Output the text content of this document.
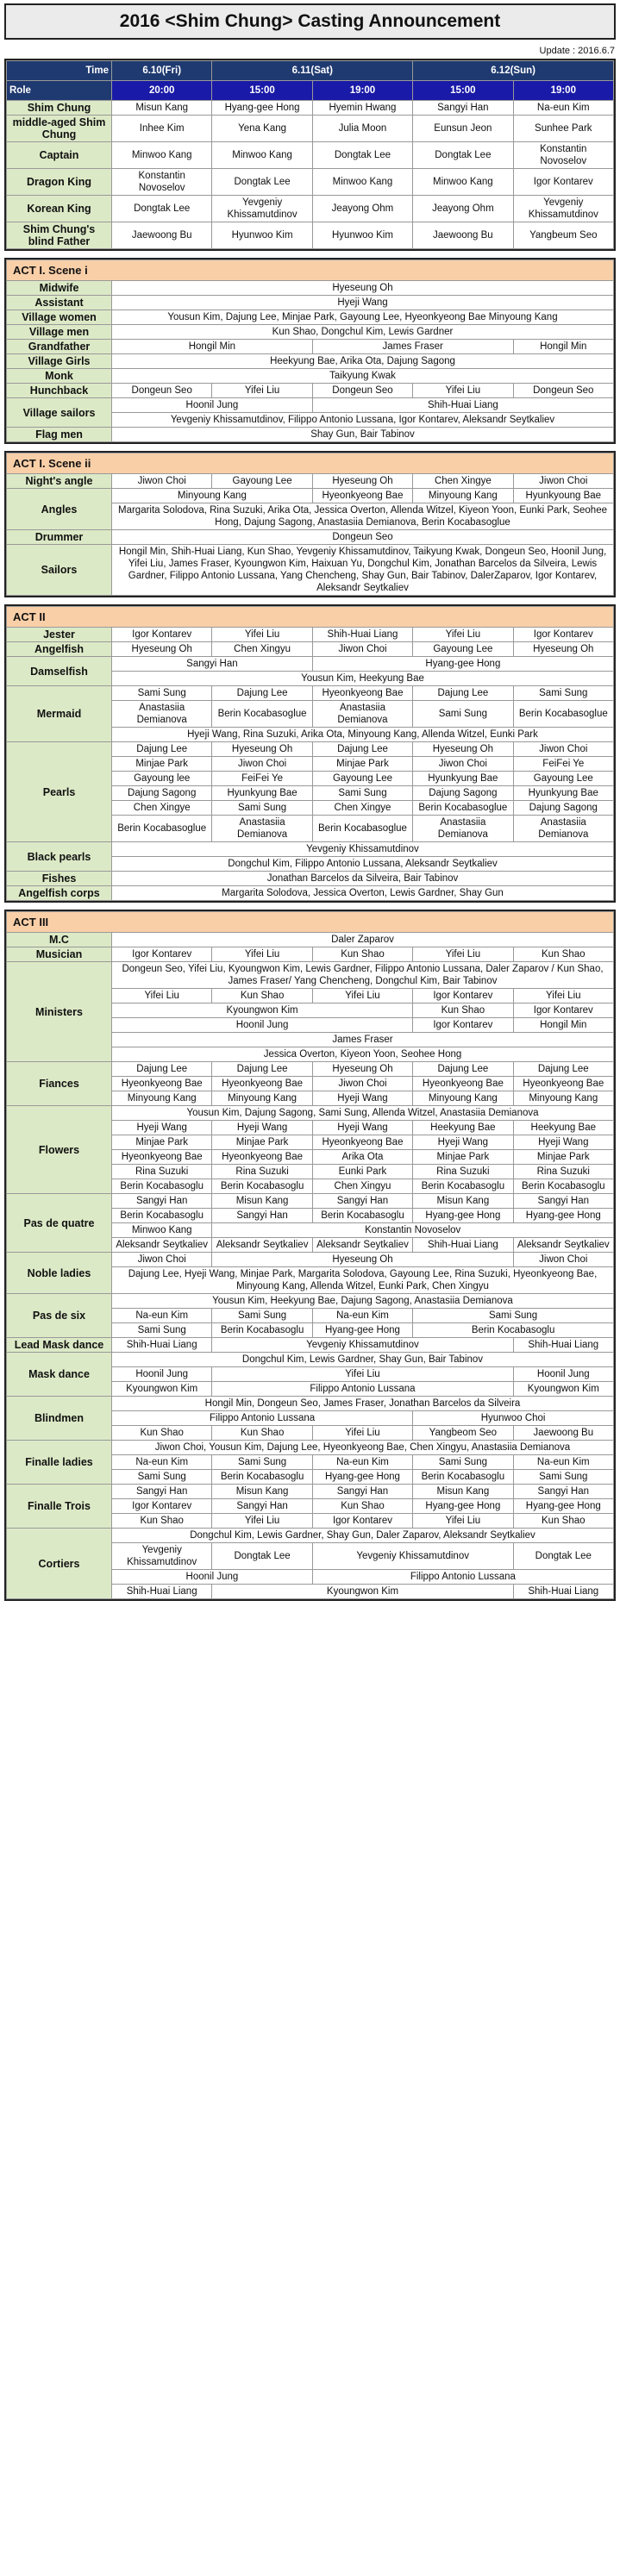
2016 <Shim Chung> Casting Announcement
Update : 2016.6.7
Time	6.10(Fri)	6.11(Sat)		6.12(Sun)	
Role	20:00	15:00	19:00	15:00	19:00
Shim Chung	Misun Kang	Hyang-gee Hong	Hyemin Hwang	Sangyi Han	Na-eun Kim
middle-aged Shim Chung	Inhee Kim	Yena Kang	Julia Moon	Eunsun Jeon	Sunhee Park
Captain	Minwoo Kang	Minwoo Kang	Dongtak Lee	Dongtak Lee	Konstantin Novoselov
Dragon King	Konstantin Novoselov	Dongtak Lee	Minwoo Kang	Minwoo Kang	Igor Kontarev
Korean King	Dongtak Lee	Yevgeniy Khissamutdinov	Jeayong Ohm	Jeayong Ohm	Yevgeniy Khissamutdinov
Shim Chung's blind Father	Jaewoong Bu	Hyunwoo Kim	Hyunwoo Kim	Jaewoong Bu	Yangbeum Seo
ACT I. Scene i					
Midwife	Hyeseung Oh				
Assistant	Hyeji Wang				
Village women	Yousun Kim, Dajung Lee, Minjae Park, Gayoung Lee, Hyeonkyeong Bae Minyoung Kang				
Village men	Kun Shao, Dongchul Kim, Lewis Gardner				
Grandfather	Hongil Min		James Fraser		Hongil Min
Village Girls	Heekyung Bae, Arika Ota, Dajung Sagong				
Monk	Taikyung Kwak				
Hunchback	Dongeun Seo	Yifei Liu	Dongeun Seo	Yifei Liu	Dongeun Seo
Village sailors	Hoonil Jung		Shih-Huai Liang		
	Yevgeniy Khissamutdinov, Filippo Antonio Lussana, Igor Kontarev, Aleksandr Seytkaliev				
Flag men	Shay Gun, Bair Tabinov				
ACT I. Scene ii					
Night's angle	Jiwon Choi	Gayoung Lee	Hyeseung Oh	Chen Xingye	Jiwon Choi
Angles	Minyoung Kang		Hyeonkyeong Bae	Minyoung Kang	Hyunkyoung Bae
	Margarita Solodova, Rina Suzuki, Arika Ota, Jessica Overton, Allenda Witzel, Kiyeon Yoon, Eunki Park, Seohee Hong, Dajung Sagong, Anastasiia Demianova, Berin Kocabasoglue				
Drummer	Dongeun Seo				
Sailors	Hongil Min, Shih-Huai Liang, Kun Shao, Yevgeniy Khissamutdinov, Taikyung Kwak, Dongeun Seo, Hoonil Jung, Yifei Liu, James Fraser, Kyoungwon Kim, Haixuan Yu, Dongchul Kim, Jonathan Barcelos da Silveira, Lewis Gardner, Filippo Antonio Lussana, Yang Chencheng, Shay Gun, Bair Tabinov, DalerZaparov, Igor Kontarev, Aleksandr Seytkaliev				
ACT II					
Jester	Igor Kontarev	Yifei Liu	Shih-Huai Liang	Yifei Liu	Igor Kontarev
Angelfish	Hyeseung Oh	Chen Xingyu	Jiwon Choi	Gayoung Lee	Hyeseung Oh
Damselfish	Sangyi Han		Hyang-gee Hong		
	Yousun Kim, Heekyung Bae				
Mermaid	Sami Sung	Dajung Lee	Hyeonkyeong Bae	Dajung Lee	Sami Sung
	Anastasiia Demianova	Berin Kocabasoglue	Anastasiia Demianova	Sami Sung	Berin Kocabasoglue
	Hyeji Wang, Rina Suzuki, Arika Ota, Minyoung Kang, Allenda Witzel, Eunki Park				
Pearls	Dajung Lee	Hyeseung Oh	Dajung Lee	Hyeseung Oh	Jiwon Choi
	Minjae Park	Jiwon Choi	Minjae Park	Jiwon Choi	FeiFei Ye
	Gayoung lee	FeiFei Ye	Gayoung Lee	Hyunkyung Bae	Gayoung Lee
	Dajung Sagong	Hyunkyung Bae	Sami Sung	Dajung Sagong	Hyunkyung Bae
	Chen Xingye	Sami Sung	Chen Xingye	Berin Kocabasoglue	Dajung Sagong
	Berin Kocabasoglue	Anastasiia Demianova	Berin Kocabasoglue	Anastasiia Demianova	Anastasiia Demianova
Black pearls	Yevgeniy Khissamutdinov				
	Dongchul Kim, Filippo Antonio Lussana, Aleksandr Seytkaliev				
Fishes	Jonathan Barcelos da Silveira, Bair Tabinov				
Angelfish corps	Margarita Solodova, Jessica Overton, Lewis Gardner, Shay Gun				
ACT III					
M.C	Daler Zaparov				
Musician	Igor Kontarev	Yifei Liu	Kun Shao	Yifei Liu	Kun Shao
Ministers	Dongeun Seo, Yifei Liu, Kyoungwon Kim, Lewis Gardner, Filippo Antonio Lussana, Daler Zaparov / Kun Shao, James Fraser/ Yang Chencheng, Dongchul Kim, Bair Tabinov				
	Yifei Liu	Kun Shao	Yifei Liu	Igor Kontarev	Yifei Liu
	Kyoungwon Kim			Kun Shao	Igor Kontarev
	Hoonil Jung			Igor Kontarev	Hongil Min
	James Fraser				
	Jessica Overton, Kiyeon Yoon, Seohee Hong				
Fiances	Dajung Lee	Dajung Lee	Hyeseung Oh	Dajung Lee	Dajung Lee
	Hyeonkyeong Bae	Hyeonkyeong Bae	Jiwon Choi	Hyeonkyeong Bae	Hyeonkyeong Bae
	Minyoung Kang	Minyoung Kang	Hyeji Wang	Minyoung Kang	Minyoung Kang
Flowers	Yousun Kim, Dajung Sagong, Sami Sung, Allenda Witzel, Anastasiia Demianova				
	Hyeji Wang	Hyeji Wang	Hyeji Wang	Heekyung Bae	Heekyung Bae
	Minjae Park	Minjae Park	Hyeonkyeong Bae	Hyeji Wang	Hyeji Wang
	Hyeonkyeong Bae	Hyeonkyeong Bae	Arika Ota	Minjae Park	Minjae Park
	Rina Suzuki	Rina Suzuki	Eunki Park	Rina Suzuki	Rina Suzuki
	Berin Kocabasoglu	Berin Kocabasoglu	Chen Xingyu	Berin Kocabasoglu	Berin Kocabasoglu
Pas de quatre	Sangyi Han	Misun Kang	Sangyi Han	Misun Kang	Sangyi Han
	Berin Kocabasoglu	Sangyi Han	Berin Kocabasoglu	Hyang-gee Hong	Hyang-gee Hong
	Minwoo Kang	Konstantin Novoselov			
	Aleksandr Seytkaliev	Aleksandr Seytkaliev	Aleksandr Seytkaliev	Shih-Huai Liang	Aleksandr Seytkaliev
Noble ladies	Jiwon Choi	Hyeseung Oh			Jiwon Choi
	Dajung Lee, Hyeji Wang, Minjae Park, Margarita Solodova, Gayoung Lee, Rina Suzuki, Hyeonkyeong Bae, Minyoung Kang, Allenda Witzel, Eunki Park, Chen Xingyu				
Pas de six	Yousun Kim, Heekyung Bae, Dajung Sagong, Anastasiia Demianova				
	Na-eun Kim	Sami Sung	Na-eun Kim	Sami Sung	
	Sami Sung	Berin Kocabasoglu	Hyang-gee Hong	Berin Kocabasoglu	
Lead Mask dance	Shih-Huai Liang	Yevgeniy Khissamutdinov			Shih-Huai Liang
Mask dance	Dongchul Kim, Lewis Gardner, Shay Gun, Bair Tabinov				
	Hoonil Jung	Yifei Liu			Hoonil Jung
	Kyoungwon Kim	Filippo Antonio Lussana			Kyoungwon Kim
Blindmen	Hongil Min, Dongeun Seo, James Fraser, Jonathan Barcelos da Silveira				
	Filippo Antonio Lussana			Hyunwoo Choi	
	Kun Shao	Kun Shao	Yifei Liu	Yangbeom Seo	Jaewoong Bu
Finalle ladies	Jiwon Choi, Yousun Kim, Dajung Lee, Hyeonkyeong Bae, Chen Xingyu, Anastasiia Demianova				
	Na-eun Kim	Sami Sung	Na-eun Kim	Sami Sung	Na-eun Kim
	Sami Sung	Berin Kocabasoglu	Hyang-gee Hong	Berin Kocabasoglu	Sami Sung
Finalle Trois	Sangyi Han	Misun Kang	Sangyi Han	Misun Kang	Sangyi Han
	Igor Kontarev	Sangyi Han	Kun Shao	Hyang-gee Hong	Hyang-gee Hong
	Kun Shao	Yifei Liu	Igor Kontarev	Yifei Liu	Kun Shao
Cortiers	Dongchul Kim, Lewis Gardner, Shay Gun, Daler Zaparov, Aleksandr Seytkaliev				
	Yevgeniy Khissamutdinov	Dongtak Lee	Yevgeniy Khissamutdinov		Dongtak Lee
	Hoonil Jung		Filippo Antonio Lussana		
	Shih-Huai Liang	Kyoungwon Kim			Shih-Huai Liang
